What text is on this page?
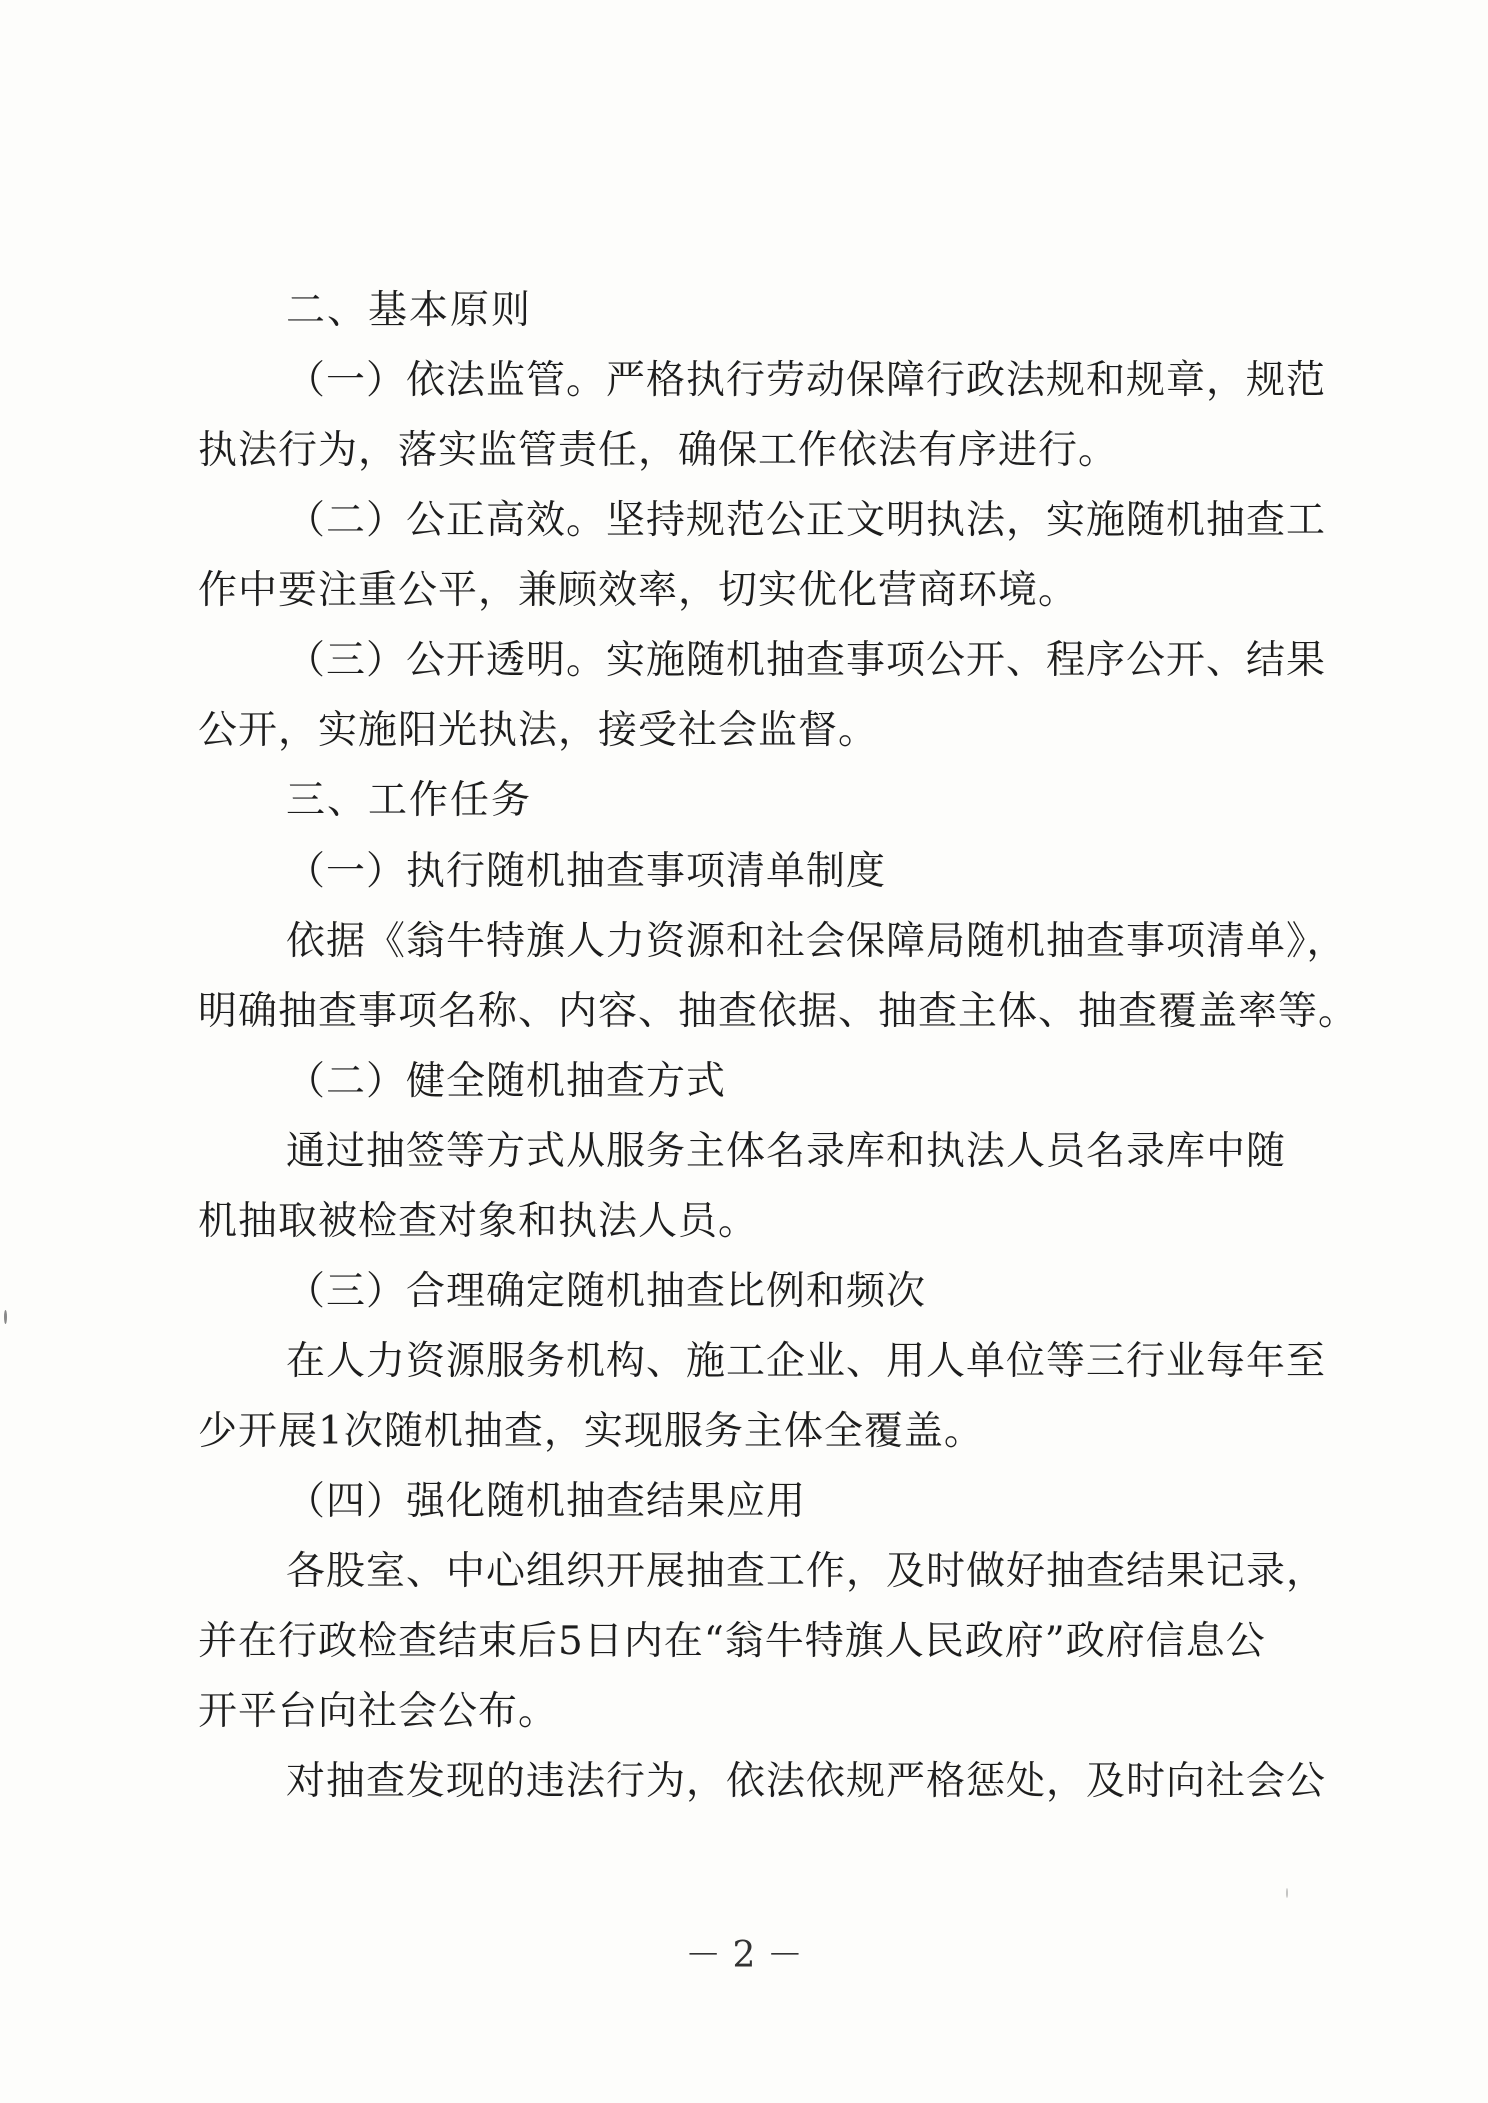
二、基本原则
（一）依法监管。严格执行劳动保障行政法规和规章，规范
执法行为，落实监管责任，确保工作依法有序进行。
（二）公正高效。坚持规范公正文明执法，实施随机抽查工
作中要注重公平，兼顾效率，切实优化营商环境。
（三）公开透明。实施随机抽查事项公开、程序公开、结果
公开，实施阳光执法，接受社会监督。
三、工作任务
（一）执行随机抽查事项清单制度
依据《翁牛特旗人力资源和社会保障局随机抽查事项清单》，
明确抽查事项名称、内容、抽查依据、抽查主体、抽查覆盖率等。
（二）健全随机抽查方式
通过抽签等方式从服务主体名录库和执法人员名录库中随
机抽取被检查对象和执法人员。
（三）合理确定随机抽查比例和频次
在人力资源服务机构、施工企业、用人单位等三行业每年至
少开展1次随机抽查，实现服务主体全覆盖。
（四）强化随机抽查结果应用
各股室、中心组织开展抽查工作，及时做好抽查结果记录，
并在行政检查结束后5日内在“翁牛特旗人民政府”政府信息公
开平台向社会公布。
对抽查发现的违法行为，依法依规严格惩处，及时向社会公
－ 2 －
